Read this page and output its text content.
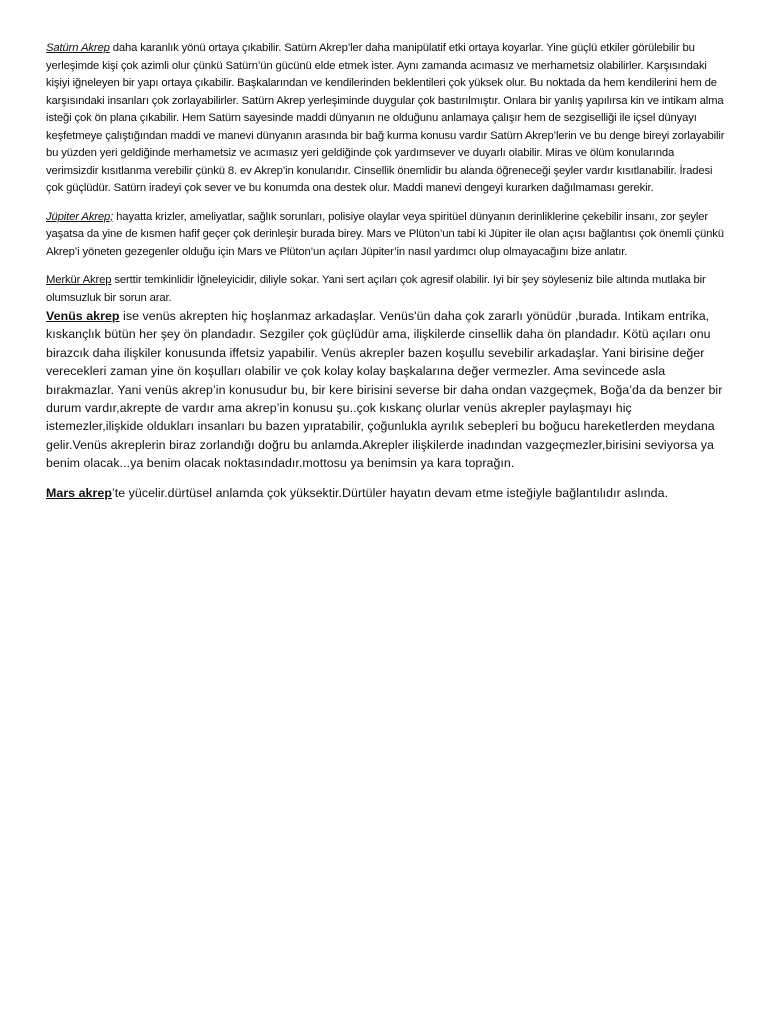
Satürn Akrep daha karanlık yönü ortaya çıkabilir. Satürn Akrep’ler daha manipülatif etki ortaya koyarlar. Yine güçlü etkiler görülebilir bu yerleşimde kişi çok azimli olur çünkü Satürn’ün gücünü elde etmek ister. Aynı zamanda acımasız ve merhametsiz olabilirler. Karşısındaki kişiyi iğneleyen bir yapı ortaya çıkabilir. Başkalarından ve kendilerinden beklentileri çok yüksek olur. Bu noktada da hem kendilerini hem de karşısındaki insanları çok zorlayabilirler. Satürn Akrep yerleşiminde duygular çok bastırılmıştır. Onlara bir yanlış yapılırsa kin ve intikam alma isteği çok ön plana çıkabilir. Hem Satürn sayesinde maddi dünyanın ne olduğunu anlamaya çalışır hem de sezgiselliği ile içsel dünyayı keşfetmeye çalıştığından maddi ve manevi dünyanın arasında bir bağ kurma konusu vardır Satürn Akrep’lerin ve bu denge bireyi zorlayabilir bu yüzden yeri geldiğinde merhametsiz ve acımasız yeri geldiğinde çok yardımsever ve duyarlı olabilir. Miras ve ölüm konularında verimsizdir kısıtlanma verebilir çünkü 8. ev Akrep’in konularıdır. Cinsellik önemlidir bu alanda öğreneceği şeyler vardır kısıtlanabilir. İradesi çok güçlüdür. Satürn iradeyi çok sever ve bu konumda ona destek olur. Maddi manevi dengeyi kurarken dağılmaması gerekir.

Jüpiter Akrep; hayatta krizler, ameliyatlar, sağlık sorunları, polisiye olaylar veya spiritüel dünyanın derinliklerine çekebilir insanı, zor şeyler yaşatsa da yine de kısmen hafif geçer çok derinleşir burada birey. Mars ve Plüton’un tabi ki Jüpiter ile olan açısı bağlantısı çok önemli çünkü Akrep’i yöneten gezegenler olduğu için Mars ve Plüton’un açıları Jüpiter’in nasıl yardımcı olup olmayacağını bize anlatır.

Merkür Akrep serttir temkinlidir İğneleyicidir, diliyle sokar. Yani sert açıları çok agresif olabilir. Iyi bir şey söyleseniz bile altında mutlaka bir olumsuzluk bir sorun arar.

Venüs akrep ise venüs akrepten hiç hoşlanmaz arkadaşlar. Venüs'ün daha çok zararlı yönüdür ,burada. Intikam entrika, kıskançlık bütün her şey ön plandadır. Sezgiler çok güçlüdür ama, ilişkilerde cinsellik daha ön plandadır. Kötü açıları onu birazcık daha ilişkiler konusunda iffetsiz yapabilir. Venüs akrepler bazen koşullu sevebilir arkadaşlar. Yani birisine değer verecekleri zaman yine ön koşulları olabilir ve çok kolay kolay başkalarına değer vermezler. Ama sevincede asla bırakmazlar. Yani venüs akrep’in konusudur bu, bir kere birisini severse bir daha ondan vazgeçmek, Boğa’da da benzer bir durum vardır,akrepte de vardır ama akrep’in konusu şu..çok kıskanç olurlar venüs akrepler paylaşmayı hiç istemezler,ilişkide oldukları insanları bu bazen yıpratabilir, çoğunlukla ayrılık sebepleri bu boğucu hareketlerden meydana gelir.Venüs akreplerin biraz zorlandığı doğru bu anlamda.Akrepler ilişkilerde inadından vazgeçmezler,birisini seviyorsa ya benim olacak...ya benim olacak noktasındadır.mottosu ya benimsin ya kara toprağın.

Mars akrep’te yücelir.dürtüsel anlamda çok yüksektir.Dürtüler hayatın devam etme isteğiyle bağlantılıdır aslında.
